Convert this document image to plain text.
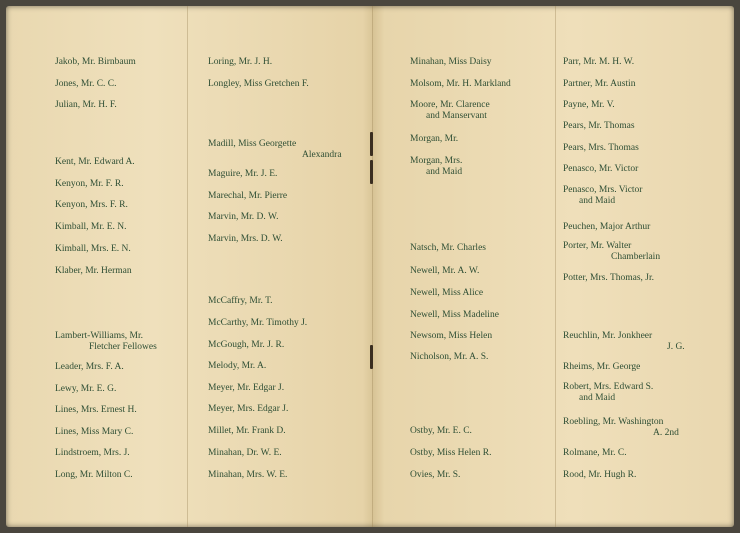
Jakob, Mr. Birnbaum
Jones, Mr. C. C.
Julian, Mr. H. F.
Kent, Mr. Edward A.
Kenyon, Mr. F. R.
Kenyon, Mrs. F. R.
Kimball, Mr. E. N.
Kimball, Mrs. E. N.
Klaber, Mr. Herman
Lambert-Williams, Mr.
Fletcher Fellowes
Leader, Mrs. F. A.
Lewy, Mr. E. G.
Lines, Mrs. Ernest H.
Lines, Miss Mary C.
Lindstroem, Mrs. J.
Long, Mr. Milton C.
Loring, Mr. J. H.
Longley, Miss Gretchen F.
Madill, Miss Georgette
Alexandra
Maguire, Mr. J. E.
Marechal, Mr. Pierre
Marvin, Mr. D. W.
Marvin, Mrs. D. W.
McCaffry, Mr. T.
McCarthy, Mr. Timothy J.
McGough, Mr. J. R.
Melody, Mr. A.
Meyer, Mr. Edgar J.
Meyer, Mrs. Edgar J.
Millet, Mr. Frank D.
Minahan, Dr. W. E.
Minahan, Mrs. W. E.
Minahan, Miss Daisy
Molsom, Mr. H. Markland
Moore, Mr. Clarence
and Manservant
Morgan, Mr.
Morgan, Mrs.
and Maid
Natsch, Mr. Charles
Newell, Mr. A. W.
Newell, Miss Alice
Newell, Miss Madeline
Newsom, Miss Helen
Nicholson, Mr. A. S.
Ostby, Mr. E. C.
Ostby, Miss Helen R.
Ovies, Mr. S.
Parr, Mr. M. H. W.
Partner, Mr. Austin
Payne, Mr. V.
Pears, Mr. Thomas
Pears, Mrs. Thomas
Penasco, Mr. Victor
Penasco, Mrs. Victor
and Maid
Peuchen, Major Arthur
Porter, Mr. Walter
Chamberlain
Potter, Mrs. Thomas, Jr.
Reuchlin, Mr. Jonkheer
J. G.
Rheims, Mr. George
Robert, Mrs. Edward S.
and Maid
Roebling, Mr. Washington
A. 2nd
Rolmane, Mr. C.
Rood, Mr. Hugh R.
